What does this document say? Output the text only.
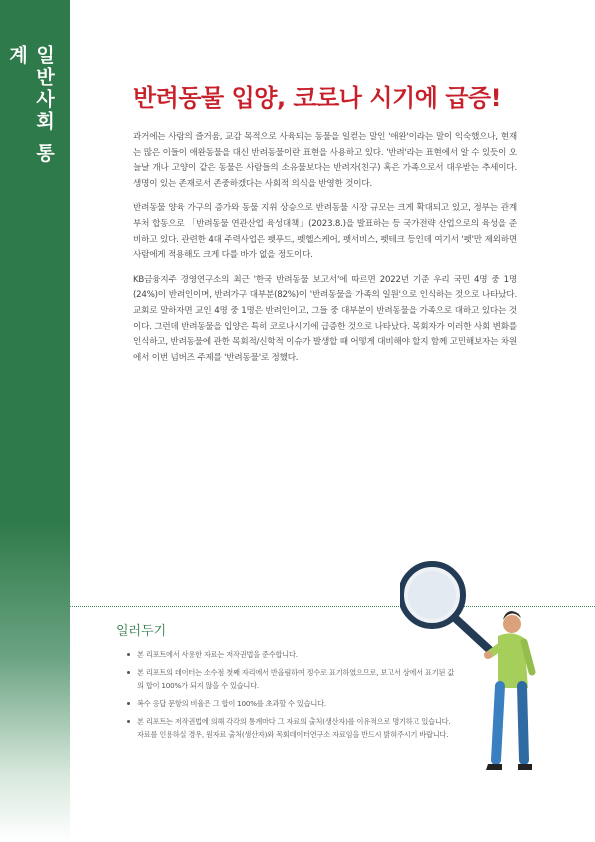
일반사회 통계
반려동물 입양, 코로나 시기에 급증!

과거에는 사람의 즐거움, 교감 목적으로 사육되는 동물을 일컫는 말인 '애완'이라는 말이 익숙했으나, 현재는 많은 이들이 애완동물을 대신 반려동물이란 표현을 사용하고 있다. '반려'라는 표현에서 알 수 있듯이 오늘날 개나 고양이 같은 동물은 사람들의 소유물보다는 반려자(친구) 혹은 가족으로서 대우받는 추세이다. 생명이 있는 존재로서 존중하겠다는 사회적 의식을 반영한 것이다.

반려동물 양육 가구의 증가와 동물 지위 상승으로 반려동물 시장 규모는 크게 확대되고 있고, 정부는 관계부처 합동으로 「반려동물 연관산업 육성대책」(2023.8.)을 발표하는 등 국가전략 산업으로의 육성을 준비하고 있다. 관련한 4대 주력사업은 펫푸드, 펫헬스케어, 펫서비스, 펫테크 등인데 여기서 '펫'만 제외하면 사람에게 적용해도 크게 다를 바가 없을 정도이다.

KB금융지주 경영연구소의 최근 '한국 반려동물 보고서'에 따르면 2022년 기준 우리 국민 4명 중 1명(24%)이 반려인이며, 반려가구 대부분(82%)이 '반려동물을 가족의 일원'으로 인식하는 것으로 나타났다. 교회로 말하자면 교인 4명 중 1명은 반려인이고, 그들 중 대부분이 반려동물을 가족으로 대하고 있다는 것이다. 그런데 반려동물을 입양은 특히 코로나시기에 급증한 것으로 나타났다. 목회자가 이러한 사회 변화를 인식하고, 반려동물에 관한 목회적/신학적 이슈가 발생할 때 어떻게 대비해야 할지 함께 고민해보자는 차원에서 이번 넘버즈 주제를 '반려동물'로 정했다.

일러두기
본 리포트에서 사용한 자료는 저작권법을 준수합니다.
본 리포트의 데이터는 소수점 첫째 자리에서 반올림하여 정수로 표기하였으므로, 보고서 상에서 표기된 값의 합이 100%가 되지 않을 수 있습니다.
복수 응답 문항의 비율은 그 합이 100%를 초과할 수 있습니다.
본 리포트는 저작권법에 의해 각각의 통계마다 그 자료의 출처(생산자)를 이유적으로 명기하고 있습니다. 자료를 인용하실 경우, 원자료 출처(생산자)와 목회데이터연구소 자료임을 반드시 밝혀주시기 바랍니다.
